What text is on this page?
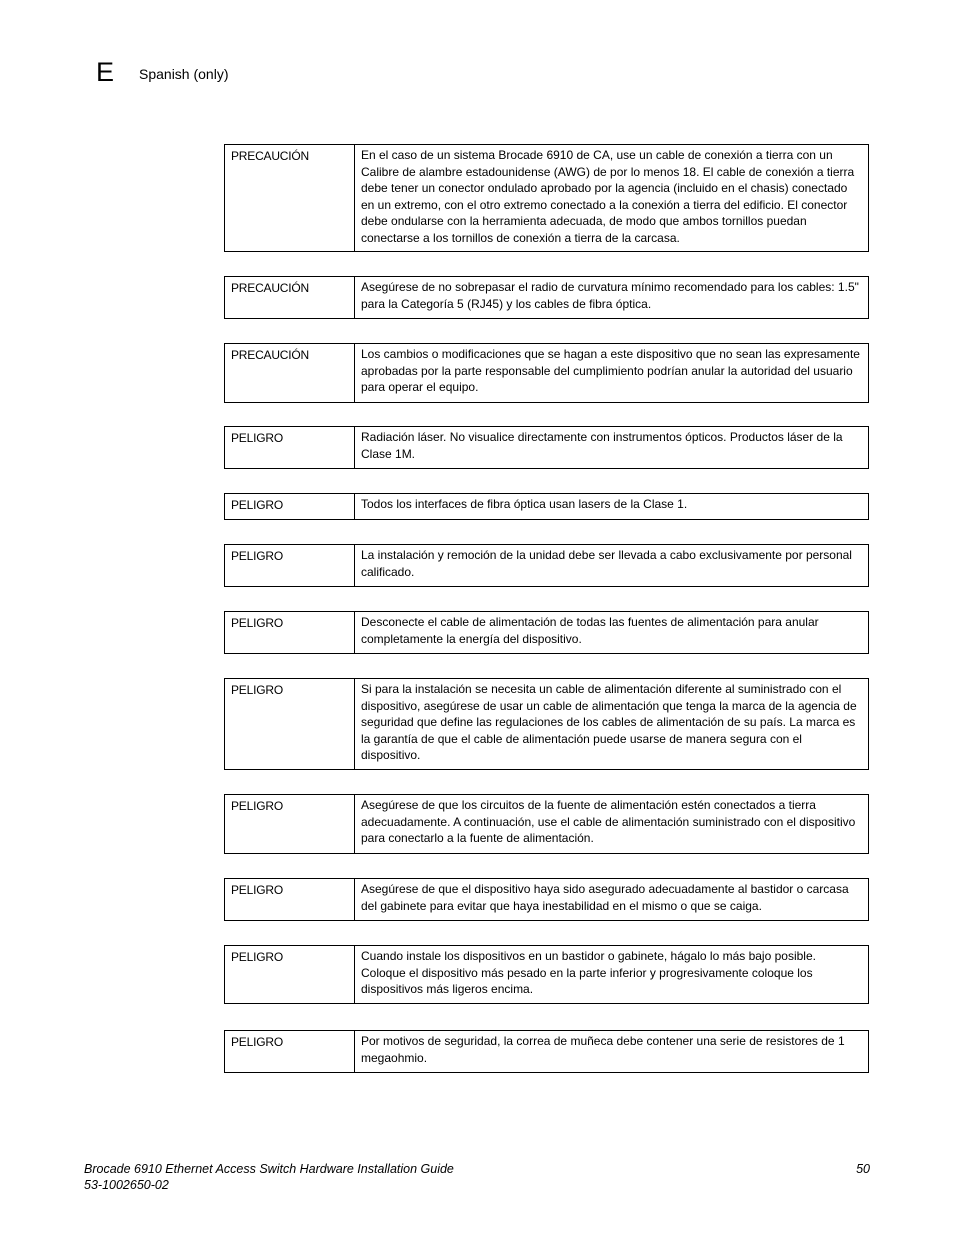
E Spanish (only)
PRECAUCIÓN	En el caso de un sistema Brocade 6910 de CA, use un cable de conexión a tierra con un Calibre de alambre estadounidense (AWG) de por lo menos 18. El cable de conexión a tierra debe tener un conector ondulado aprobado por la agencia (incluido en el chasis) conectado en un extremo, con el otro extremo conectado a la conexión a tierra del edificio. El conector debe ondularse con la herramienta adecuada, de modo que ambos tornillos puedan conectarse a los tornillos de conexión a tierra de la carcasa.
PRECAUCIÓN	Asegúrese de no sobrepasar el radio de curvatura mínimo recomendado para los cables: 1.5" para la Categoría 5 (RJ45) y los cables de fibra óptica.
PRECAUCIÓN	Los cambios o modificaciones que se hagan a este dispositivo que no sean las expresamente aprobadas por la parte responsable del cumplimiento podrían anular la autoridad del usuario para operar el equipo.
PELIGRO	Radiación láser. No visualice directamente con instrumentos ópticos. Productos láser de la Clase 1M.
PELIGRO	Todos los interfaces de fibra óptica usan lasers de la Clase 1.
PELIGRO	La instalación y remoción de la unidad debe ser llevada a cabo exclusivamente por personal calificado.
PELIGRO	Desconecte el cable de alimentación de todas las fuentes de alimentación para anular completamente la energía del dispositivo.
PELIGRO	Si para la instalación se necesita un cable de alimentación diferente al suministrado con el dispositivo, asegúrese de usar un cable de alimentación que tenga la marca de la agencia de seguridad que define las regulaciones de los cables de alimentación de su país. La marca es la garantía de que el cable de alimentación puede usarse de manera segura con el dispositivo.
PELIGRO	Asegúrese de que los circuitos de la fuente de alimentación estén conectados a tierra adecuadamente. A continuación, use el cable de alimentación suministrado con el dispositivo para conectarlo a la fuente de alimentación.
PELIGRO	Asegúrese de que el dispositivo haya sido asegurado adecuadamente al bastidor o carcasa del gabinete para evitar que haya inestabilidad en el mismo o que se caiga.
PELIGRO	Cuando instale los dispositivos en un bastidor o gabinete, hágalo lo más bajo posible. Coloque el dispositivo más pesado en la parte inferior y progresivamente coloque los dispositivos más ligeros encima.
PELIGRO	Por motivos de seguridad, la correa de muñeca debe contener una serie de resistores de 1 megaohmio.
Brocade 6910 Ethernet Access Switch Hardware Installation Guide
53-1002650-02
50
